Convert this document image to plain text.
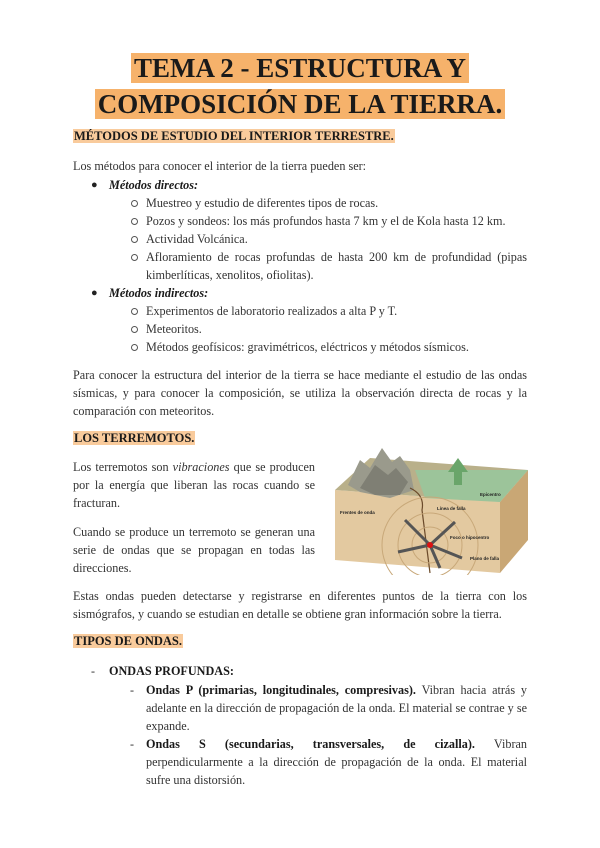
TEMA 2 - ESTRUCTURA Y
COMPOSICIÓN DE LA TIERRA.
MÉTODOS DE ESTUDIO DEL INTERIOR TERRESTRE.

Los métodos para conocer el interior de la tierra pueden ser:

● Métodos directos:

Muestreo y estudio de diferentes tipos de rocas.

Pozos y sondeos: los más profundos hasta 7 km y el de Kola hasta 12 km.

Actividad Volcánica.

Afloramiento de rocas profundas de hasta 200 km de profundidad (pipas kimberlíticas, xenolitos, ofiolitas).

● Métodos indirectos:

Experimentos de laboratorio realizados a alta P y T.

Meteoritos.

Métodos geofísicos: gravimétricos, eléctricos y métodos sísmicos.

Para conocer la estructura del interior de la tierra se hace mediante el estudio de las ondas sísmicas, y para conocer la composición, se utiliza la observación directa de rocas y la comparación con meteoritos.

LOS TERREMOTOS.

Los terremotos son vibraciones que se producen por la energía que liberan las rocas cuando se fracturan.

Cuando se produce un terremoto se generan una serie de ondas que se propagan en todas las direcciones.

Escarpe de falla
Epicentro
Frentes de onda
Línea de falla
Foco o hipocentro
Plano de falla

Estas ondas pueden detectarse y registrarse en diferentes puntos de la tierra con los sismógrafos, y cuando se estudian en detalle se obtiene gran información sobre la tierra.

TIPOS DE ONDAS.
- ONDAS PROFUNDAS:

- Ondas P (primarias, longitudinales, compresivas). Vibran hacia atrás y adelante en la dirección de propagación de la onda. El material se contrae y se expande.

- Ondas S (secundarias, transversales, de cizalla). Vibran perpendicularmente a la dirección de propagación de la onda. El material sufre una distorsión.
